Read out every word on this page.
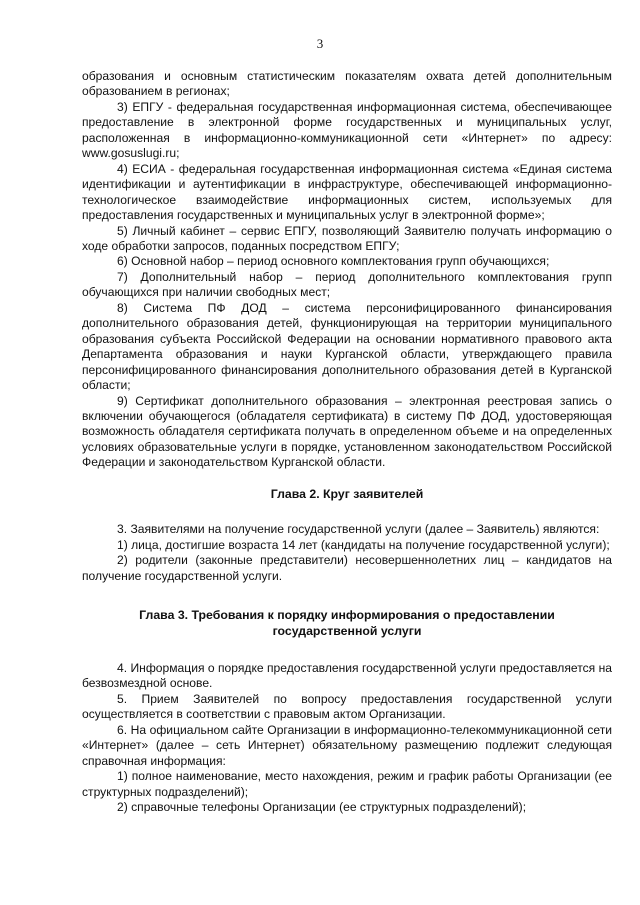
3

образования и основным статистическим показателям охвата детей дополнительным образованием в регионах;

3) ЕПГУ - федеральная государственная информационная система, обеспечивающее предоставление в электронной форме государственных и муниципальных услуг, расположенная в информационно-коммуникационной сети «Интернет» по адресу: www.gosuslugi.ru;

4) ЕСИА - федеральная государственная информационная система «Единая система идентификации и аутентификации в инфраструктуре, обеспечивающей информационно-технологическое взаимодействие информационных систем, используемых для предоставления государственных и муниципальных услуг в электронной форме»;

5) Личный кабинет – сервис ЕПГУ, позволяющий Заявителю получать информацию о ходе обработки запросов, поданных посредством ЕПГУ;

6) Основной набор – период основного комплектования групп обучающихся;

7) Дополнительный набор – период дополнительного комплектования групп обучающихся при наличии свободных мест;

8) Система ПФ ДОД – система персонифицированного финансирования дополнительного образования детей, функционирующая на территории муниципального образования субъекта Российской Федерации на основании нормативного правового акта Департамента образования и науки Курганской области, утверждающего правила персонифицированного финансирования дополнительного образования детей в Курганской области;

9) Сертификат дополнительного образования – электронная реестровая запись о включении обучающегося (обладателя сертификата) в систему ПФ ДОД, удостоверяющая возможность обладателя сертификата получать в определенном объеме и на определенных условиях образовательные услуги в порядке, установленном законодательством Российской Федерации и законодательством Курганской области.

Глава 2. Круг заявителей

3. Заявителями на получение государственной услуги (далее – Заявитель) являются:

1) лица, достигшие возраста 14 лет (кандидаты на получение государственной услуги);

2) родители (законные представители) несовершеннолетних лиц – кандидатов на получение государственной услуги.

Глава 3. Требования к порядку информирования о предоставлении

государственной услуги

4. Информация о порядке предоставления государственной услуги предоставляется на безвозмездной основе.

5. Прием Заявителей по вопросу предоставления государственной услуги осуществляется в соответствии с правовым актом Организации.

6. На официальном сайте Организации в информационно-телекоммуникационной сети «Интернет» (далее – сеть Интернет) обязательному размещению подлежит следующая справочная информация:

1) полное наименование, место нахождения, режим и график работы Организации (ее структурных подразделений);

2) справочные телефоны Организации (ее структурных подразделений);
